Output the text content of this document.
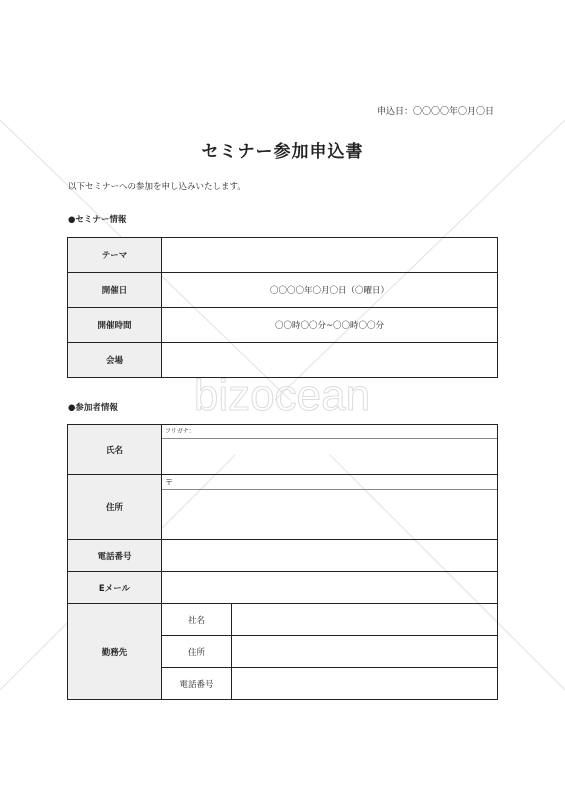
bizocean
申込日：〇〇〇〇年〇月〇日
セミナー参加申込書
以下セミナーへの参加を申し込みいたします。
●セミナー情報
テーマ	
開催日	〇〇〇〇年〇月〇日（〇曜日）
開催時間	〇〇時〇〇分~〇〇時〇〇分
会場	
●参加者情報
氏名	フリガナ：	

住所	〒	

電話番号		
Eメール		
勤務先	社名	
	住所	
	電話番号	
